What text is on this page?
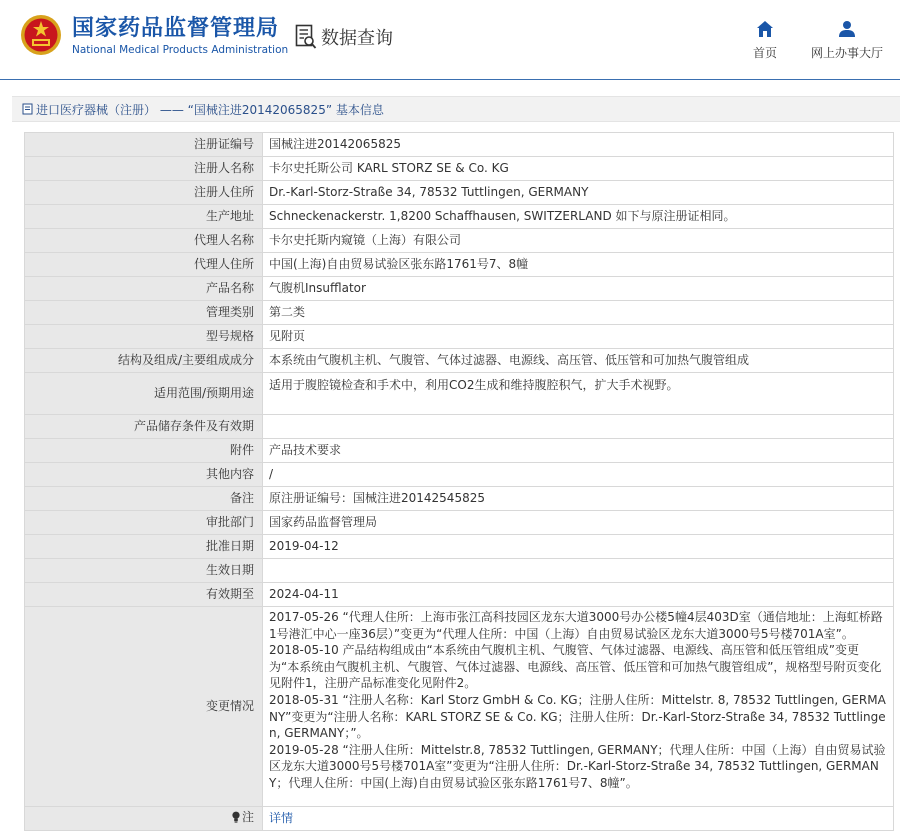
国家药品监督管理局
National Medical Products Administration
数据查询
首页	网上办事大厅
进口医疗器械（注册） —— “国械注进20142065825” 基本信息
注册证编号	国械注进20142065825
注册人名称	卡尔史托斯公司 KARL STORZ SE & Co. KG
注册人住所	Dr.-Karl-Storz-Straße 34, 78532 Tuttlingen, GERMANY
生产地址	Schneckenackerstr. 1,8200 Schaffhausen, SWITZERLAND 如下与原注册证相同。
代理人名称	卡尔史托斯内窥镜（上海）有限公司
代理人住所	中国(上海)自由贸易试验区张东路1761号7、8幢
产品名称	气腹机Insufflator
管理类别	第二类
型号规格	见附页
结构及组成/主要组成成分	本系统由气腹机主机、气腹管、气体过滤器、电源线、高压管、低压管和可加热气腹管组成
适用范围/预期用途	适用于腹腔镜检查和手术中，利用CO2生成和维持腹腔积气，扩大手术视野。
产品储存条件及有效期	
附件	产品技术要求
其他内容	/
备注	原注册证编号：国械注进20142545825
审批部门	国家药品监督管理局
批准日期	2019-04-12
生效日期	
有效期至	2024-04-11
变更情况	2017-05-26 “代理人住所：上海市张江高科技园区龙东大道3000号办公楼5幢4层403D室（通信地址：上海虹桥路1号港汇中心一座36层）”变更为“代理人住所：中国（上海）自由贸易试验区龙东大道3000号5号楼701A室”。
2018-05-10 产品结构组成由“本系统由气腹机主机、气腹管、气体过滤器、电源线、高压管和低压管组成”变更为“本系统由气腹机主机、气腹管、气体过滤器、电源线、高压管、低压管和可加热气腹管组成”，规格型号附页变化见附件1，注册产品标准变化见附件2。
2018-05-31 “注册人名称：Karl Storz GmbH & Co. KG；注册人住所：Mittelstr. 8, 78532 Tuttlingen, GERMANY”变更为“注册人名称：KARL STORZ SE & Co. KG；注册人住所：Dr.-Karl-Storz-Straße 34, 78532 Tuttlingen, GERMANY；”。
2019-05-28 “注册人住所：Mittelstr.8, 78532 Tuttlingen, GERMANY；代理人住所：中国（上海）自由贸易试验区龙东大道3000号5号楼701A室”变更为“注册人住所：Dr.-Karl-Storz-Straße 34, 78532 Tuttlingen, GERMANY；代理人住所：中国(上海)自由贸易试验区张东路1761号7、8幢”。

注	详情
